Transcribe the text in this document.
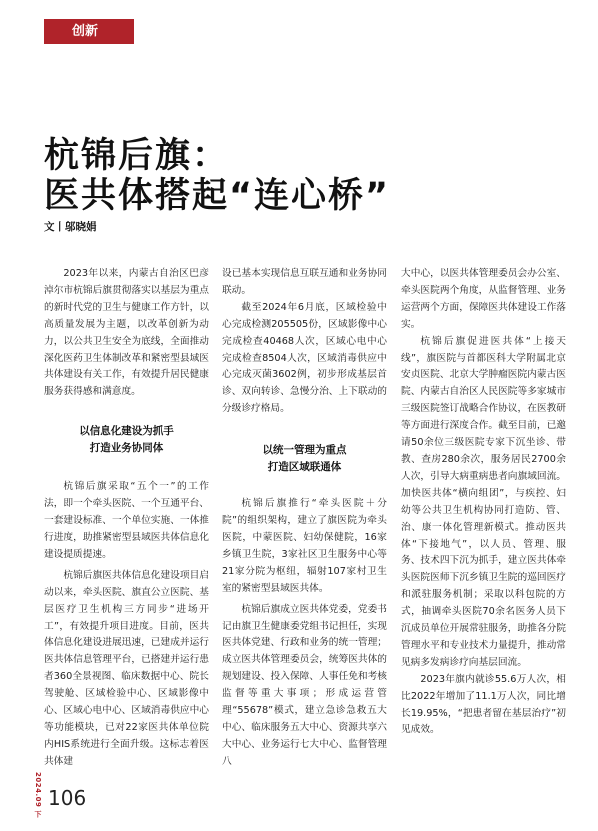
创新
杭锦后旗：
医共体搭起“连心桥”
文丨邬晓娟

2023年以来，内蒙古自治区巴彦淖尔市杭锦后旗贯彻落实以基层为重点的新时代党的卫生与健康工作方针，以高质量发展为主题，以改革创新为动力，以公共卫生安全为底线，全面推动深化医药卫生体制改革和紧密型县域医共体建设有关工作，有效提升居民健康服务获得感和满意度。

以信息化建设为抓手

打造业务协同体

杭锦后旗采取“五个一”的工作法，即一个牵头医院、一个互通平台、一套建设标准、一个单位实施、一体推行进度，助推紧密型县域医共体信息化建设提质提速。

杭锦后旗医共体信息化建设项目启动以来，牵头医院、旗直公立医院、基层医疗卫生机构三方同步“进场开工”，有效提升项目进度。目前，医共体信息化建设进展迅速，已建成并运行医共体信息管理平台，已搭建并运行患者360全景视图、临床数据中心、院长驾驶舱、区域检验中心、区域影像中心、区域心电中心、区域消毒供应中心等功能模块，已对22家医共体单位院内HIS系统进行全面升级。这标志着医共体建

设已基本实现信息互联互通和业务协同联动。

截至2024年6月底，区域检验中心完成检测205505份，区域影像中心完成检查40468人次，区域心电中心完成检查8504人次，区域消毒供应中心完成灭菌3602例，初步形成基层首诊、双向转诊、急慢分治、上下联动的分级诊疗格局。

以统一管理为重点

打造区域联通体

杭锦后旗推行“牵头医院＋分院”的组织架构，建立了旗医院为牵头医院，中蒙医院、妇幼保健院，16家乡镇卫生院，3家社区卫生服务中心等21家分院为枢纽，辐射107家村卫生室的紧密型县域医共体。

杭锦后旗成立医共体党委，党委书记由旗卫生健康委党组书记担任，实现医共体党建、行政和业务的统一管理；成立医共体管理委员会，统筹医共体的规划建设、投入保障、人事任免和考核监督等重大事项；形成运营管理“55678”模式，建立急诊急救五大中心、临床服务五大中心、资源共享六大中心、业务运行七大中心、监督管理八

大中心，以医共体管理委员会办公室、牵头医院两个角度，从监督管理、业务运营两个方面，保障医共体建设工作落实。

杭锦后旗促进医共体“上接天线”，旗医院与首都医科大学附属北京安贞医院、北京大学肿瘤医院内蒙古医院、内蒙古自治区人民医院等多家城市三级医院签订战略合作协议，在医教研等方面进行深度合作。截至目前，已邀请50余位三级医院专家下沉坐诊、带教、查房280余次，服务居民2700余人次，引导大病重病患者向旗域回流。加快医共体“横向组团”，与疾控、妇幼等公共卫生机构协同打造防、管、治、康一体化管理新模式。推动医共体“下接地气”，以人员、管理、服务、技术四下沉为抓手，建立医共体牵头医院医师下沉乡镇卫生院的巡回医疗和派驻服务机制；采取以科包院的方式，抽调牵头医院70余名医务人员下沉成员单位开展常驻服务，助推各分院管理水平和专业技术力量提升，推动常见病多发病诊疗向基层回流。

2023年旗内就诊55.6万人次，相比2022年增加了11.1万人次，同比增长19.95%，“把患者留在基层治疗”初见成效。

2024.09 下 106
